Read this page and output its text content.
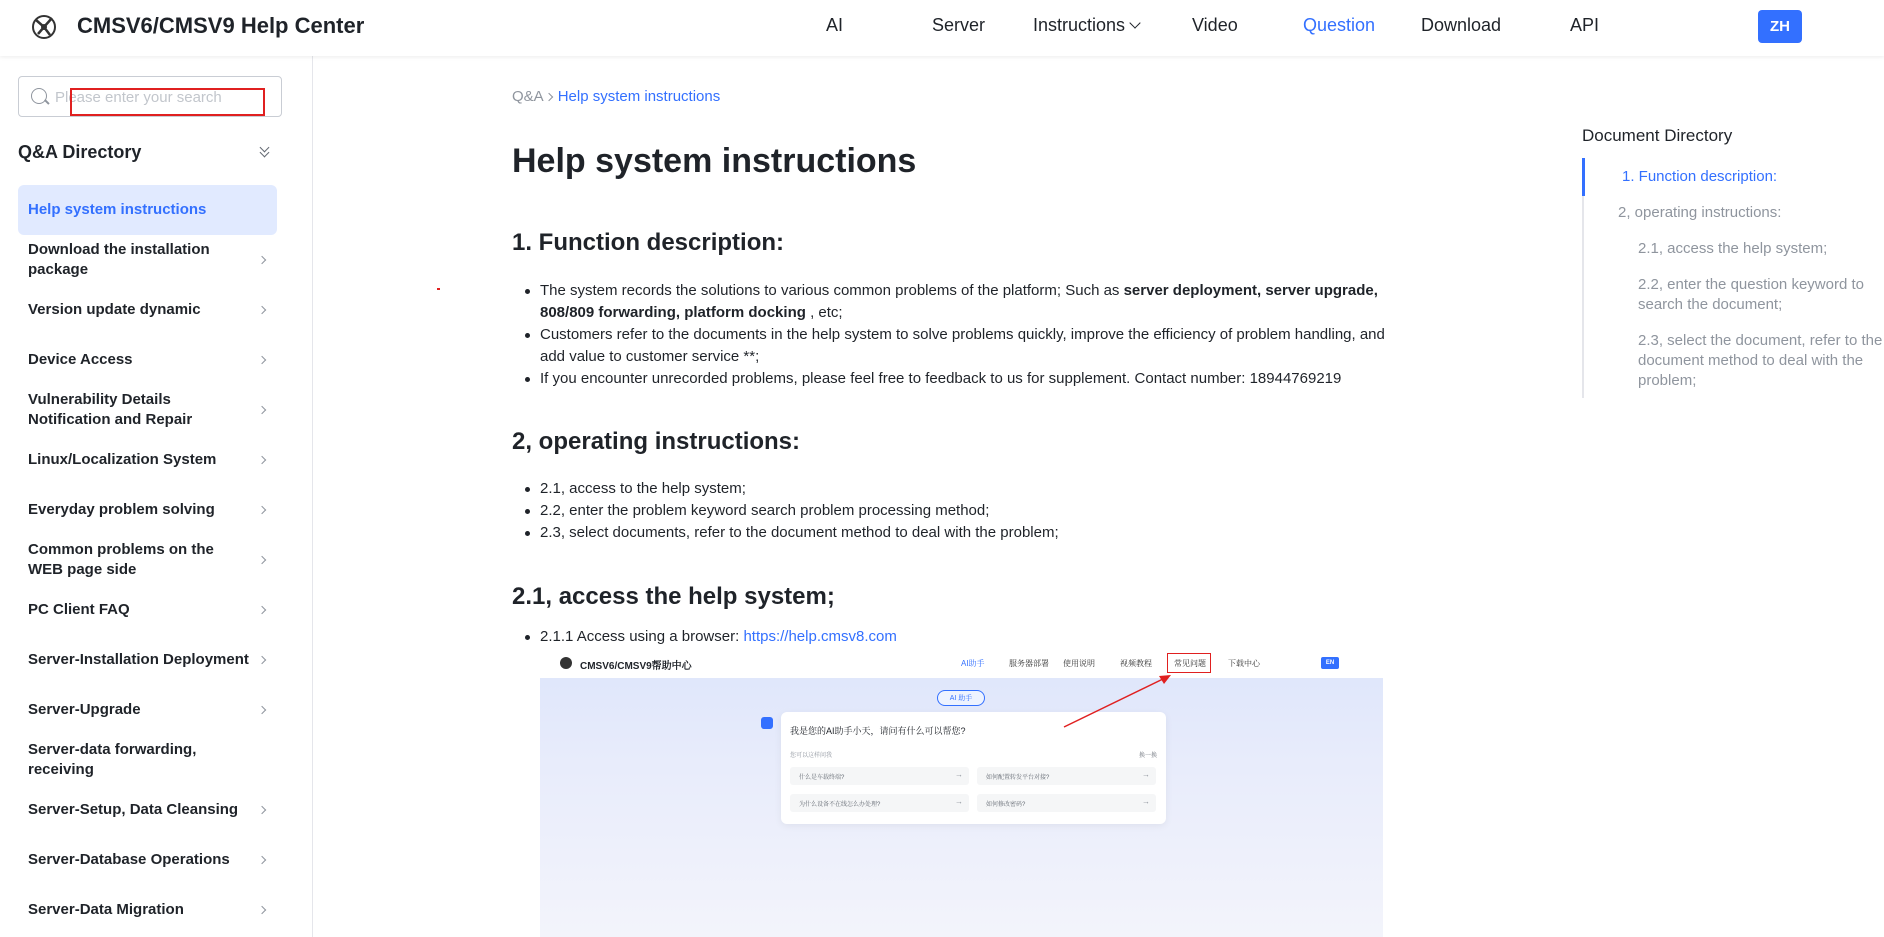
CMSV6/CMSV9 Help Center	AI	Server	Instructions	Video	Question	Download	API	ZH
Please enter your search
Q&A Directory
Help system instructions
Download the installation package
Version update dynamic
Device Access
Vulnerability Details Notification and Repair
Linux/Localization System
Everyday problem solving
Common problems on the WEB page side
PC Client FAQ
Server-Installation Deployment
Server-Upgrade
Server-data forwarding, receiving
Server-Setup, Data Cleansing
Server-Database Operations
Server-Data Migration
Q&A Help system instructions
Help system instructions
1. Function description:
The system records the solutions to various common problems of the platform; Such as server deployment, server upgrade, 808/809 forwarding, platform docking , etc;
Customers refer to the documents in the help system to solve problems quickly, improve the efficiency of problem handling, and add value to customer service **;
If you encounter unrecorded problems, please feel free to feedback to us for supplement. Contact number: 18944769219
2, operating instructions:
2.1, access to the help system;
2.2, enter the problem keyword search problem processing method;
2.3, select documents, refer to the document method to deal with the problem;
2.1, access the help system;
2.1.1 Access using a browser: https://help.cmsv8.com
CMSV6/CMSV9帮助中心	AI助手	服务器部署 使用说明	视频教程	常见问题	下载中心	EN
AI 助手
我是您的AI助手小天，请问有什么可以帮您?
您可以这样问我	换一换
什么是车载终端? →	如何配置转发平台对接? →
为什么设备不在线怎么办处理? →	如何修改密码? →
Document Directory
1. Function description:
2, operating instructions:
2.1, access the help system;
2.2, enter the question keyword to search the document;
2.3, select the document, refer to the document method to deal with the problem;
